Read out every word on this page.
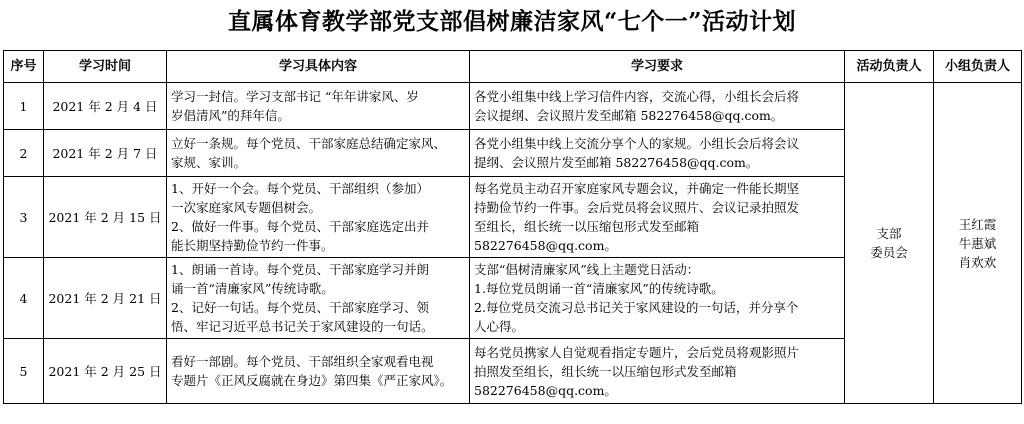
直属体育教学部党支部倡树廉洁家风“七个一”活动计划
序号	学习时间	学习具体内容	学习要求	活动负责人	小组负责人
1	2021 年 2 月 4 日	学习一封信。学习支部书记 “年年讲家风、岁
岁倡清风”的拜年信。	各党小组集中线上学习信件内容，交流心得，小组长会后将
会议提纲、会议照片发至邮箱 582276458@qq.com。	支部
委员会	王红霞
牛惠斌
肖欢欢

2	2021 年 2 月 7 日	立好一条规。每个党员、干部家庭总结确定家风、
家规、家训。	各党小组集中线上交流分享个人的家规。小组长会后将会议
提纲、会议照片发至邮箱 582276458@qq.com。		

3	2021 年 2 月 15 日	1、开好一个会。每个党员、干部组织（参加）
一次家庭家风专题倡树会。
2、做好一件事。每个党员、干部家庭选定出并
能长期坚持勤俭节约一件事。	每名党员主动召开家庭家风专题会议，并确定一件能长期坚
持勤俭节约一件事。会后党员将会议照片、会议记录拍照发
至组长，组长统一以压缩包形式发至邮箱
582276458@qq.com。		

4	2021 年 2 月 21 日	1、朗诵一首诗。每个党员、干部家庭学习并朗
诵一首“清廉家风”传统诗歌。
2、记好一句话。每个党员、干部家庭学习、领
悟、牢记习近平总书记关于家风建设的一句话。	支部“倡树清廉家风”线上主题党日活动：
1.每位党员朗诵一首“清廉家风”的传统诗歌。
2.每位党员交流习总书记关于家风建设的一句话，并分享个
人心得。		

5	2021 年 2 月 25 日	看好一部剧。每个党员、干部组织全家观看电视
专题片《正风反腐就在身边》第四集《严正家风》。	每名党员携家人自觉观看指定专题片，会后党员将观影照片
拍照发至组长，组长统一以压缩包形式发至邮箱
582276458@qq.com。		
